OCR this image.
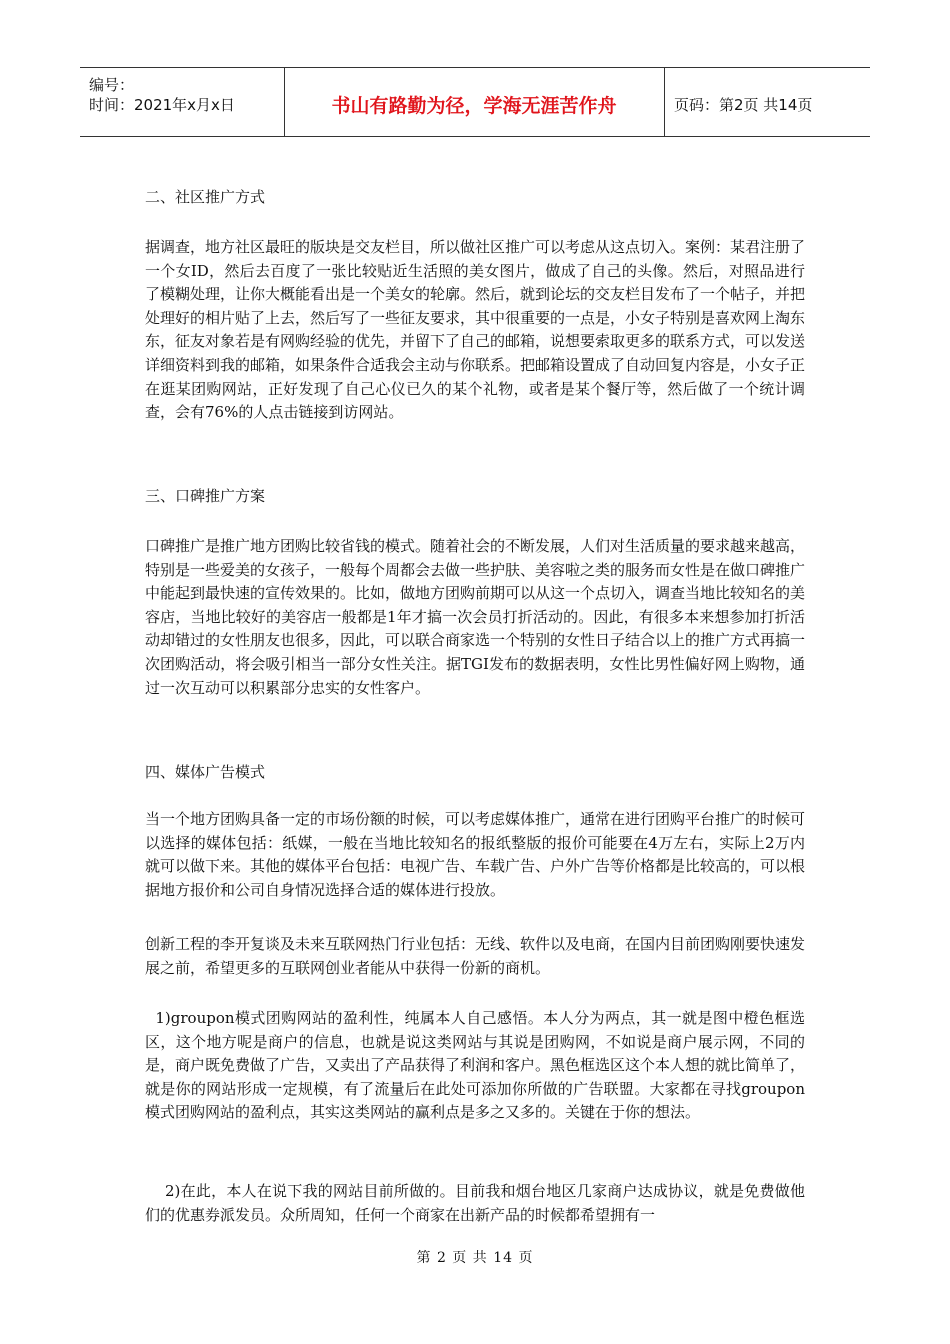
编号：
时间：2021年x月x日	书山有路勤为径，学海无涯苦作舟	页码：第2页 共14页
二、社区推广方式

据调查，地方社区最旺的版块是交友栏目，所以做社区推广可以考虑从这点切入。案例：某君注册了一个女ID，然后去百度了一张比较贴近生活照的美女图片，做成了自己的头像。然后，对照品进行了模糊处理，让你大概能看出是一个美女的轮廓。然后，就到论坛的交友栏目发布了一个帖子，并把处理好的相片贴了上去，然后写了一些征友要求，其中很重要的一点是，小女子特别是喜欢网上淘东东，征友对象若是有网购经验的优先，并留下了自己的邮箱，说想要索取更多的联系方式，可以发送详细资料到我的邮箱，如果条件合适我会主动与你联系。把邮箱设置成了自动回复内容是，小女子正在逛某团购网站，正好发现了自己心仪已久的某个礼物，或者是某个餐厅等，然后做了一个统计调查，会有76%的人点击链接到访网站。

三、口碑推广方案

口碑推广是推广地方团购比较省钱的模式。随着社会的不断发展，人们对生活质量的要求越来越高，特别是一些爱美的女孩子，一般每个周都会去做一些护肤、美容啦之类的服务而女性是在做口碑推广中能起到最快速的宣传效果的。比如，做地方团购前期可以从这一个点切入，调查当地比较知名的美容店，当地比较好的美容店一般都是1年才搞一次会员打折活动的。因此，有很多本来想参加打折活动却错过的女性朋友也很多，因此，可以联合商家选一个特别的女性日子结合以上的推广方式再搞一次团购活动，将会吸引相当一部分女性关注。据TGI发布的数据表明，女性比男性偏好网上购物，通过一次互动可以积累部分忠实的女性客户。

四、媒体广告模式

当一个地方团购具备一定的市场份额的时候，可以考虑媒体推广，通常在进行团购平台推广的时候可以选择的媒体包括：纸媒，一般在当地比较知名的报纸整版的报价可能要在4万左右，实际上2万内就可以做下来。其他的媒体平台包括：电视广告、车载广告、户外广告等价格都是比较高的，可以根据地方报价和公司自身情况选择合适的媒体进行投放。

创新工程的李开复谈及未来互联网热门行业包括：无线、软件以及电商，在国内目前团购刚要快速发展之前，希望更多的互联网创业者能从中获得一份新的商机。

1)groupon模式团购网站的盈利性，纯属本人自己感悟。本人分为两点，其一就是图中橙色框选区，这个地方呢是商户的信息，也就是说这类网站与其说是团购网，不如说是商户展示网，不同的是，商户既免费做了广告，又卖出了产品获得了利润和客户。黑色框选区这个本人想的就比简单了，就是你的网站形成一定规模，有了流量后在此处可添加你所做的广告联盟。大家都在寻找groupon模式团购网站的盈利点，其实这类网站的赢利点是多之又多的。关键在于你的想法。

2)在此，本人在说下我的网站目前所做的。目前我和烟台地区几家商户达成协议，就是免费做他们的优惠券派发员。众所周知，任何一个商家在出新产品的时候都希望拥有一

第 2 页 共 14 页
